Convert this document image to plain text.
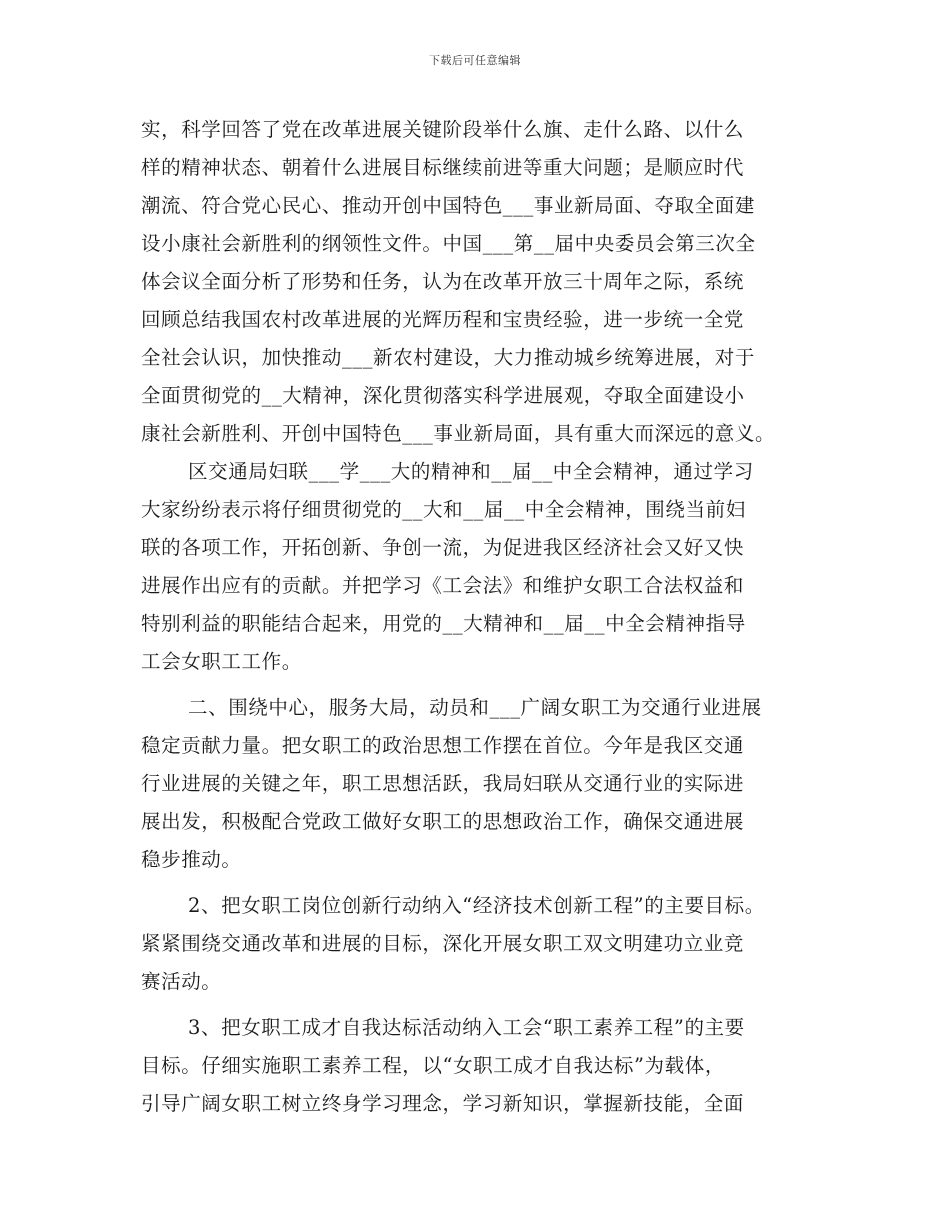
下载后可任意编辑
实，科学回答了党在改革进展关键阶段举什么旗、走什么路、以什么
样的精神状态、朝着什么进展目标继续前进等重大问题；是顺应时代
潮流、符合党心民心、推动开创中国特色___事业新局面、夺取全面建
设小康社会新胜利的纲领性文件。中国___第__届中央委员会第三次全
体会议全面分析了形势和任务，认为在改革开放三十周年之际，系统
回顾总结我国农村改革进展的光辉历程和宝贵经验，进一步统一全党
全社会认识，加快推动___新农村建设，大力推动城乡统筹进展，对于
全面贯彻党的__大精神，深化贯彻落实科学进展观，夺取全面建设小
康社会新胜利、开创中国特色___事业新局面，具有重大而深远的意义。
区交通局妇联___学___大的精神和__届__中全会精神，通过学习
大家纷纷表示将仔细贯彻党的__大和__届__中全会精神，围绕当前妇
联的各项工作，开拓创新、争创一流，为促进我区经济社会又好又快
进展作出应有的贡献。并把学习《工会法》和维护女职工合法权益和
特别利益的职能结合起来，用党的__大精神和__届__中全会精神指导
工会女职工工作。
二、围绕中心，服务大局，动员和___广阔女职工为交通行业进展
稳定贡献力量。把女职工的政治思想工作摆在首位。今年是我区交通
行业进展的关键之年，职工思想活跃，我局妇联从交通行业的实际进
展出发，积极配合党政工做好女职工的思想政治工作，确保交通进展
稳步推动。
2、把女职工岗位创新行动纳入“经济技术创新工程”的主要目标。
紧紧围绕交通改革和进展的目标，深化开展女职工双文明建功立业竞
赛活动。
3、把女职工成才自我达标活动纳入工会“职工素养工程”的主要
目标。仔细实施职工素养工程，以“女职工成才自我达标”为载体，
引导广阔女职工树立终身学习理念，学习新知识，掌握新技能，全面
